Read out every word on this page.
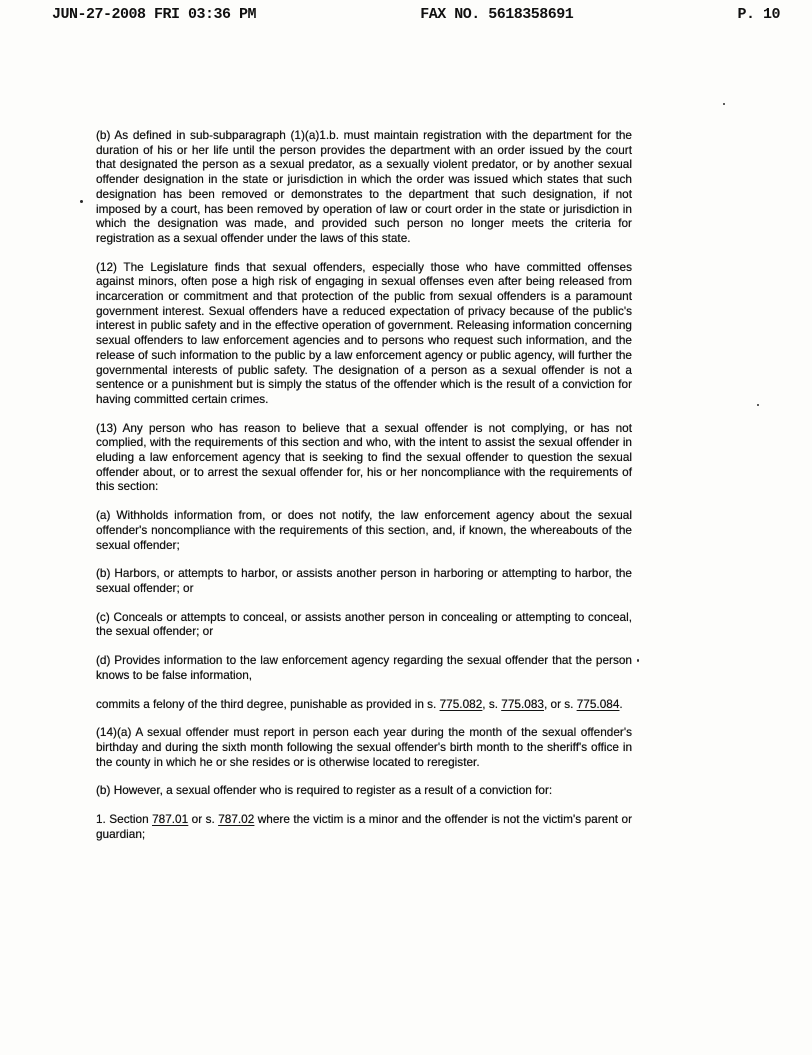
JUN-27-2008 FRI 03:36 PM	FAX NO. 5618358691	P. 10
(b) As defined in sub-subparagraph (1)(a)1.b. must maintain registration with the department for the duration of his or her life until the person provides the department with an order issued by the court that designated the person as a sexual predator, as a sexually violent predator, or by another sexual offender designation in the state or jurisdiction in which the order was issued which states that such designation has been removed or demonstrates to the department that such designation, if not imposed by a court, has been removed by operation of law or court order in the state or jurisdiction in which the designation was made, and provided such person no longer meets the criteria for registration as a sexual offender under the laws of this state.
(12) The Legislature finds that sexual offenders, especially those who have committed offenses against minors, often pose a high risk of engaging in sexual offenses even after being released from incarceration or commitment and that protection of the public from sexual offenders is a paramount government interest. Sexual offenders have a reduced expectation of privacy because of the public's interest in public safety and in the effective operation of government. Releasing information concerning sexual offenders to law enforcement agencies and to persons who request such information, and the release of such information to the public by a law enforcement agency or public agency, will further the governmental interests of public safety. The designation of a person as a sexual offender is not a sentence or a punishment but is simply the status of the offender which is the result of a conviction for having committed certain crimes.
(13) Any person who has reason to believe that a sexual offender is not complying, or has not complied, with the requirements of this section and who, with the intent to assist the sexual offender in eluding a law enforcement agency that is seeking to find the sexual offender to question the sexual offender about, or to arrest the sexual offender for, his or her noncompliance with the requirements of this section:
(a) Withholds information from, or does not notify, the law enforcement agency about the sexual offender's noncompliance with the requirements of this section, and, if known, the whereabouts of the sexual offender;
(b) Harbors, or attempts to harbor, or assists another person in harboring or attempting to harbor, the sexual offender; or
(c) Conceals or attempts to conceal, or assists another person in concealing or attempting to conceal, the sexual offender; or
(d) Provides information to the law enforcement agency regarding the sexual offender that the person knows to be false information,
commits a felony of the third degree, punishable as provided in s. 775.082, s. 775.083, or s. 775.084.
(14)(a) A sexual offender must report in person each year during the month of the sexual offender's birthday and during the sixth month following the sexual offender's birth month to the sheriff's office in the county in which he or she resides or is otherwise located to reregister.
(b) However, a sexual offender who is required to register as a result of a conviction for:
1. Section 787.01 or s. 787.02 where the victim is a minor and the offender is not the victim's parent or guardian;
